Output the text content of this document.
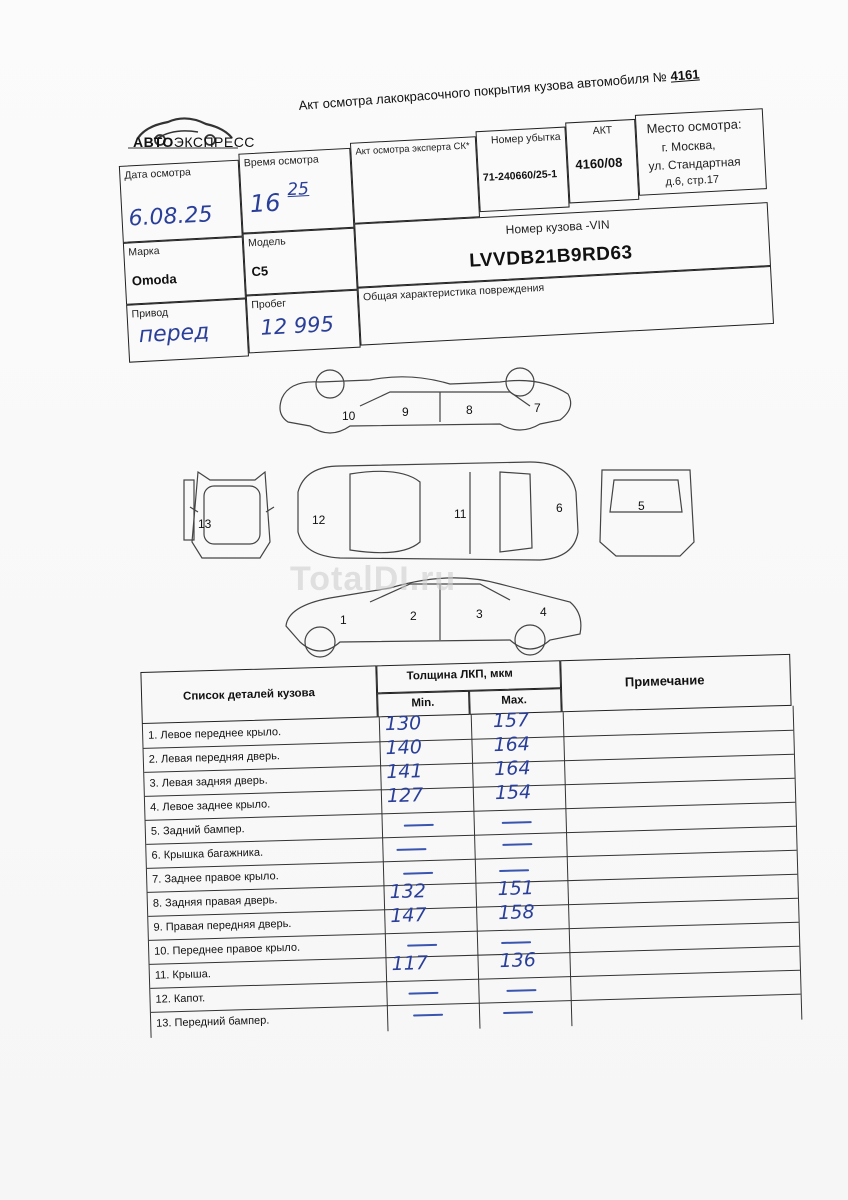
АВТОЭКСПРЕСС
Акт осмотра лакокрасочного покрытия кузова автомобиля № 4161
Дата осмотра
6.08.25
Время осмотра
16 25
Акт осмотра эксперта СК*
Номер убытка
71-240660/25-1
АКТ
4160/08
Место осмотра:
г. Москва,
ул. Стандартная
д.6, стр.17
Марка
Omoda
Модель
C5
Номер кузова -VIN
LVVDB21B9RD63
Привод
перед
Пробег
12 995
Общая характеристика повреждения
10	9	8	7
13	12	11	6	5
1	2	3	4
TotalDI.ru
Список деталей кузова
Толщина ЛКП, мкм
Min.	Max.
Примечание
1. Левое переднее крыло.	130	157
2. Левая передняя дверь.	140	164
3. Левая задняя дверь.	141	164
4. Левое заднее крыло.	127	154
5. Задний бампер.
6. Крышка багажника.
7. Заднее правое крыло.
8. Задняя правая дверь.	132	151
9. Правая передняя дверь.	147	158
10. Переднее правое крыло.
11. Крыша.	117	136
12. Капот.
13. Передний бампер.
